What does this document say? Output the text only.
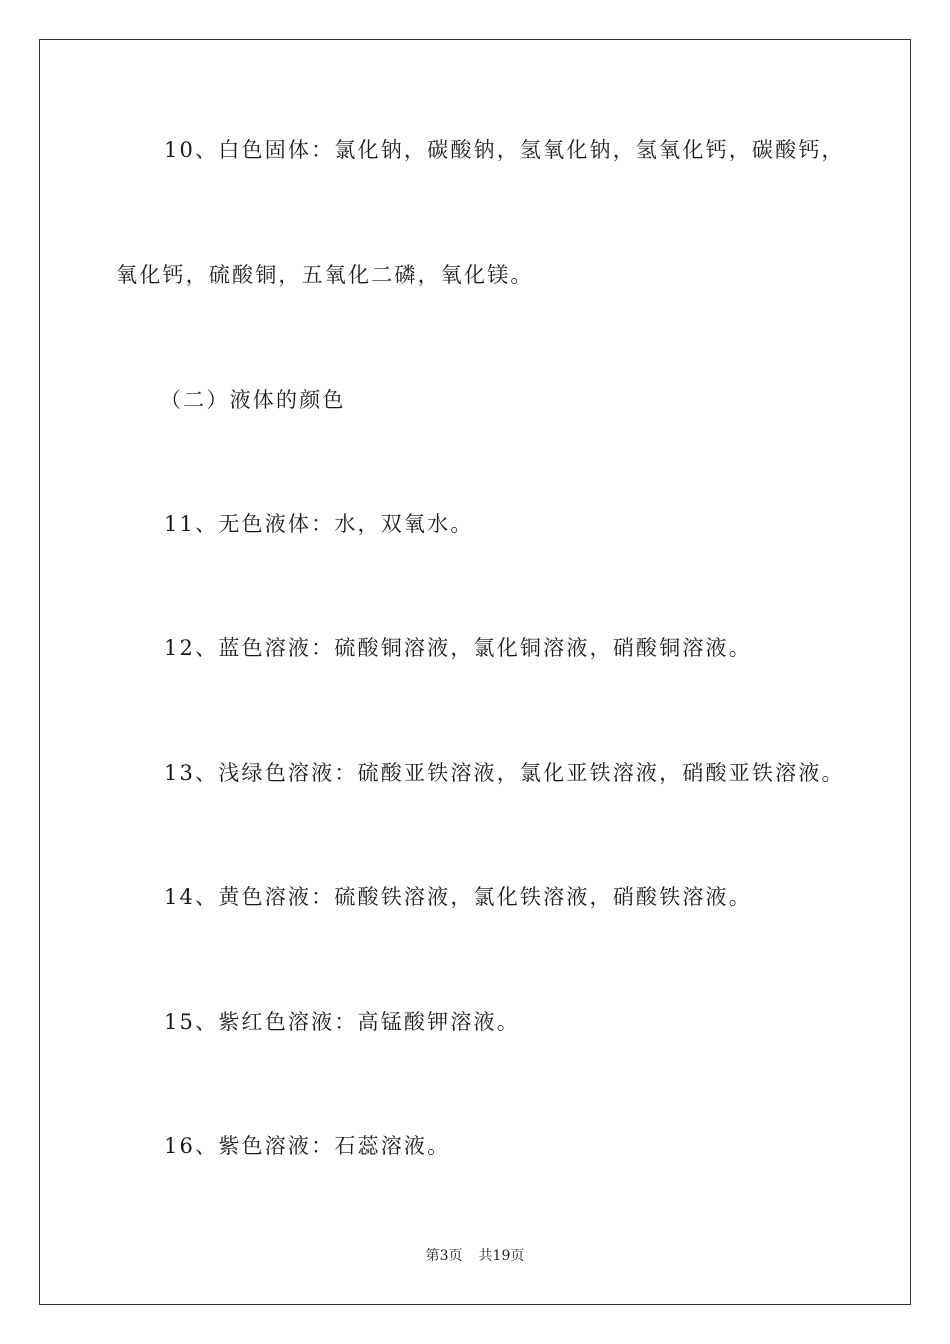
10、白色固体：氯化钠，碳酸钠，氢氧化钠，氢氧化钙，碳酸钙，
氧化钙，硫酸铜，五氧化二磷，氧化镁。
（二）液体的颜色
11、无色液体：水，双氧水。
12、蓝色溶液：硫酸铜溶液，氯化铜溶液，硝酸铜溶液。
13、浅绿色溶液：硫酸亚铁溶液，氯化亚铁溶液，硝酸亚铁溶液。
14、黄色溶液：硫酸铁溶液，氯化铁溶液，硝酸铁溶液。
15、紫红色溶液：高锰酸钾溶液。
16、紫色溶液：石蕊溶液。
第3页 共19页
